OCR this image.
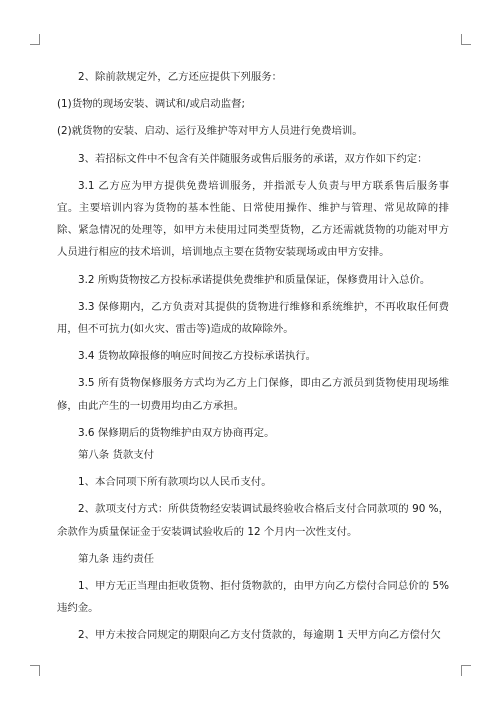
2、除前款规定外，乙方还应提供下列服务：

(1)货物的现场安装、调试和/或启动监督;

(2)就货物的安装、启动、运行及维护等对甲方人员进行免费培训。

3、若招标文件中不包含有关伴随服务或售后服务的承诺，双方作如下约定：

3.1 乙方应为甲方提供免费培训服务，并指派专人负责与甲方联系售后服务事宜。主要培训内容为货物的基本性能、日常使用操作、维护与管理、常见故障的排除、紧急情况的处理等，如甲方未使用过同类型货物，乙方还需就货物的功能对甲方人员进行相应的技术培训，培训地点主要在货物安装现场或由甲方安排。

3.2 所购货物按乙方投标承诺提供免费维护和质量保证，保修费用计入总价。

3.3 保修期内，乙方负责对其提供的货物进行维修和系统维护，不再收取任何费用，但不可抗力(如火灾、雷击等)造成的故障除外。

3.4 货物故障报修的响应时间按乙方投标承诺执行。

3.5 所有货物保修服务方式均为乙方上门保修，即由乙方派员到货物使用现场维修，由此产生的一切费用均由乙方承担。

3.6 保修期后的货物维护由双方协商再定。

第八条 货款支付

1、本合同项下所有款项均以人民币支付。

2、款项支付方式：所供货物经安装调试最终验收合格后支付合同款项的 90 %，余款作为质量保证金于安装调试验收后的 12 个月内一次性支付。

第九条 违约责任

1、甲方无正当理由拒收货物、拒付货物款的，由甲方向乙方偿付合同总价的 5%违约金。

2、甲方未按合同规定的期限向乙方支付货款的，每逾期 1 天甲方向乙方偿付欠
